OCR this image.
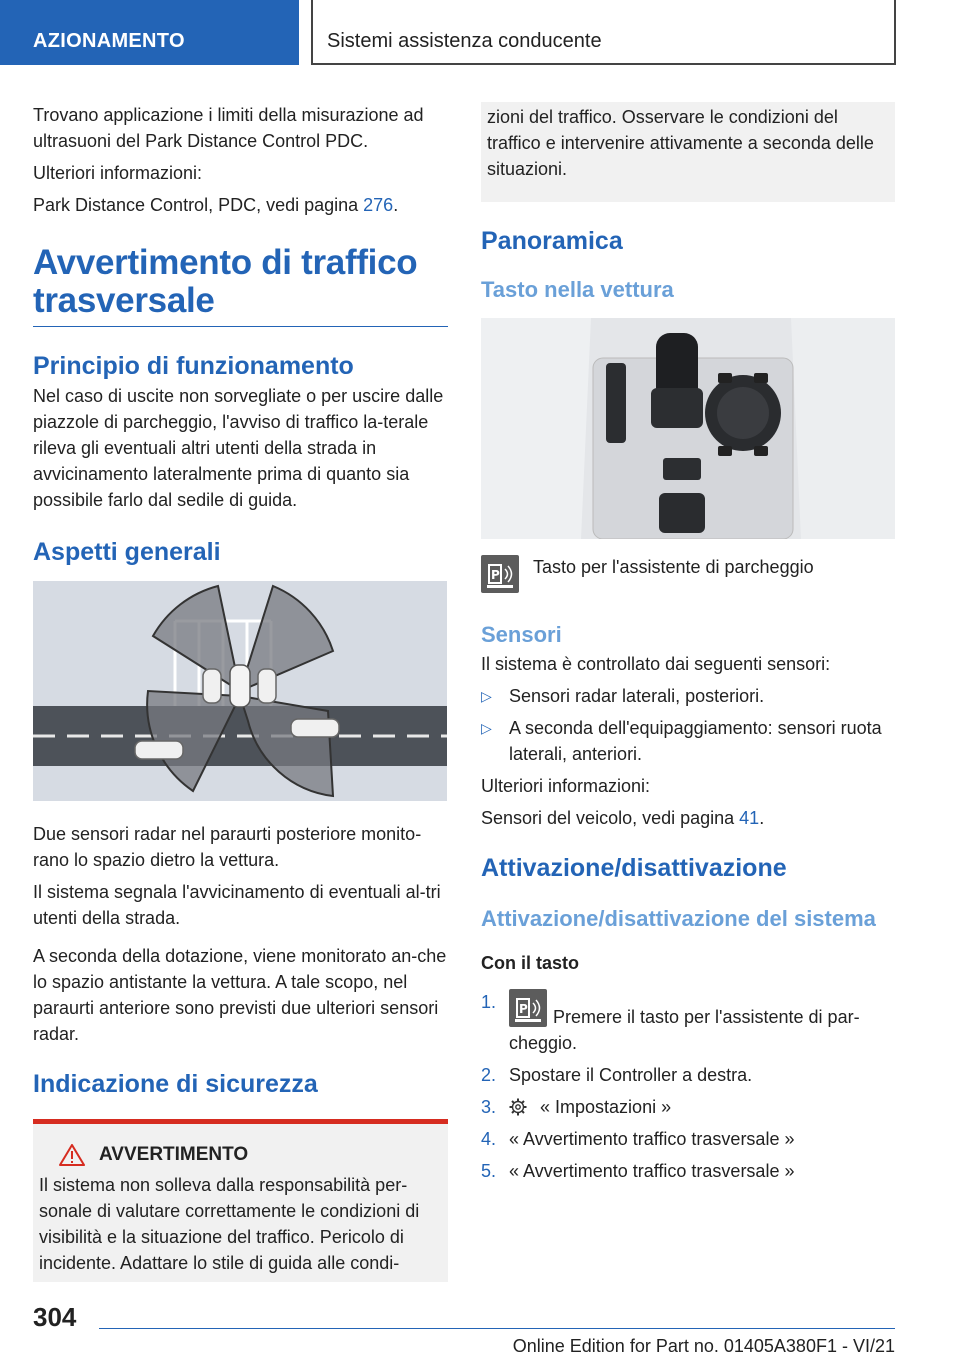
AZIONAMENTO	Sistemi assistenza conducente

Trovano applicazione i limiti della misurazione ad ultrasuoni del Park Distance Control PDC.

Ulteriori informazioni:

Park Distance Control, PDC, vedi pagina 276.

Avvertimento di traffico trasversale
Principio di funzionamento

Nel caso di uscite non sorvegliate o per uscire dalle piazzole di parcheggio, l'avviso di traffico la-terale rileva gli eventuali altri utenti della strada in avvicinamento lateralmente prima di quanto sia possibile farlo dal sedile di guida.

Aspetti generali

Due sensori radar nel paraurti posteriore monito-rano lo spazio dietro la vettura.

Il sistema segnala l'avvicinamento di eventuali al-tri utenti della strada.

A seconda della dotazione, viene monitorato an-che lo spazio antistante la vettura. A tale scopo, nel paraurti anteriore sono previsti due ulteriori sensori radar.

Indicazione di sicurezza
AVVERTIMENTO

Il sistema non solleva dalla responsabilità per-sonale di valutare correttamente le condizioni di visibilità e la situazione del traffico. Pericolo di incidente. Adattare lo stile di guida alle condi-

zioni del traffico. Osservare le condizioni del traffico e intervenire attivamente a seconda delle situazioni.

Panoramica
Tasto nella vettura
P Tasto per l'assistente di parcheggio

Sensori

Il sistema è controllato dai seguenti sensori:

▷ Sensori radar laterali, posteriori.
▷ A seconda dell'equipaggiamento: sensori ruota laterali, anteriori.

Ulteriori informazioni:

Sensori del veicolo, vedi pagina 41.

Attivazione/disattivazione
Attivazione/disattivazione del sistema
Con il tasto
1. P Premere il tasto per l'assistente di par-cheggio.
2. Spostare il Controller a destra.
3. « Impostazioni »
4. « Avvertimento traffico trasversale »
5. « Avvertimento traffico trasversale »
304
Online Edition for Part no. 01405A380F1 - VI/21
